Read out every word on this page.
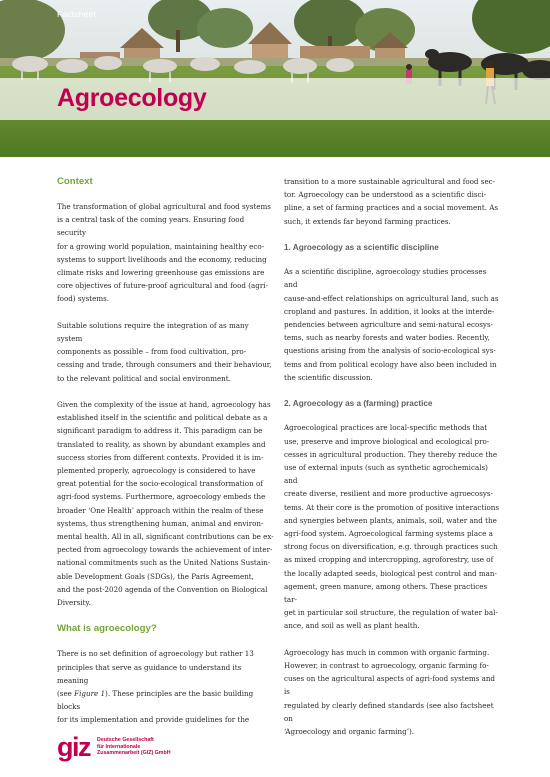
Factsheet
Agroecology
Context

The transformation of global agricultural and food systems
is a central task of the coming years. Ensuring food security
for a growing world population, maintaining healthy eco-
systems to support livelihoods and the economy, reducing
climate risks and lowering greenhouse gas emissions are
core objectives of future-proof agricultural and food (agri-
food) systems.

Suitable solutions require the integration of as many system
components as possible – from food cultivation, pro-
cessing and trade, through consumers and their behaviour,
to the relevant political and social environment.

Given the complexity of the issue at hand, agroecology has
established itself in the scientific and political debate as a
significant paradigm to address it. This paradigm can be
translated to reality, as shown by abundant examples and
success stories from different contexts. Provided it is im-
plemented properly, agroecology is considered to have
great potential for the socio-ecological transformation of
agri-food systems. Furthermore, agroecology embeds the
broader ‘One Health’ approach within the realm of these
systems, thus strengthening human, animal and environ-
mental health. All in all, significant contributions can be ex-
pected from agroecology towards the achievement of inter-
national commitments such as the United Nations Sustain-
able Development Goals (SDGs), the Paris Agreement,
and the post-2020 agenda of the Convention on Biological
Diversity.

What is agroecology?

There is no set definition of agroecology but rather 13
principles that serve as guidance to understand its meaning
(see Figure 1). These principles are the basic building blocks
for its implementation and provide guidelines for the

transition to a more sustainable agricultural and food sec-
tor. Agroecology can be understood as a scientific disci-
pline, a set of farming practices and a social movement. As
such, it extends far beyond farming practices.

1. Agroecology as a scientific discipline

As a scientific discipline, agroecology studies processes and
cause-and-effect relationships on agricultural land, such as
cropland and pastures. In addition, it looks at the interde-
pendencies between agriculture and semi-natural ecosys-
tems, such as nearby forests and water bodies. Recently,
questions arising from the analysis of socio-ecological sys-
tems and from political ecology have also been included in
the scientific discussion.

2. Agroecology as a (farming) practice

Agroecological practices are local-specific methods that
use, preserve and improve biological and ecological pro-
cesses in agricultural production. They thereby reduce the
use of external inputs (such as synthetic agrochemicals) and
create diverse, resilient and more productive agroecosys-
tems. At their core is the promotion of positive interactions
and synergies between plants, animals, soil, water and the
agri-food system. Agroecological farming systems place a
strong focus on diversification, e.g. through practices such
as mixed cropping and intercropping, agroforestry, use of
the locally adapted seeds, biological pest control and man-
agement, green manure, among others. These practices tar-
get in particular soil structure, the regulation of water bal-
ance, and soil as well as plant health.

Agroecology has much in common with organic farming.
However, in contrast to agroecology, organic farming fo-
cuses on the agricultural aspects of agri-food systems and is
regulated by clearly defined standards (see also factsheet on
‘Agroecology and organic farming’).

giz Deutsche Gesellschaft
für Internationale
Zusammenarbeit (GIZ) GmbH
